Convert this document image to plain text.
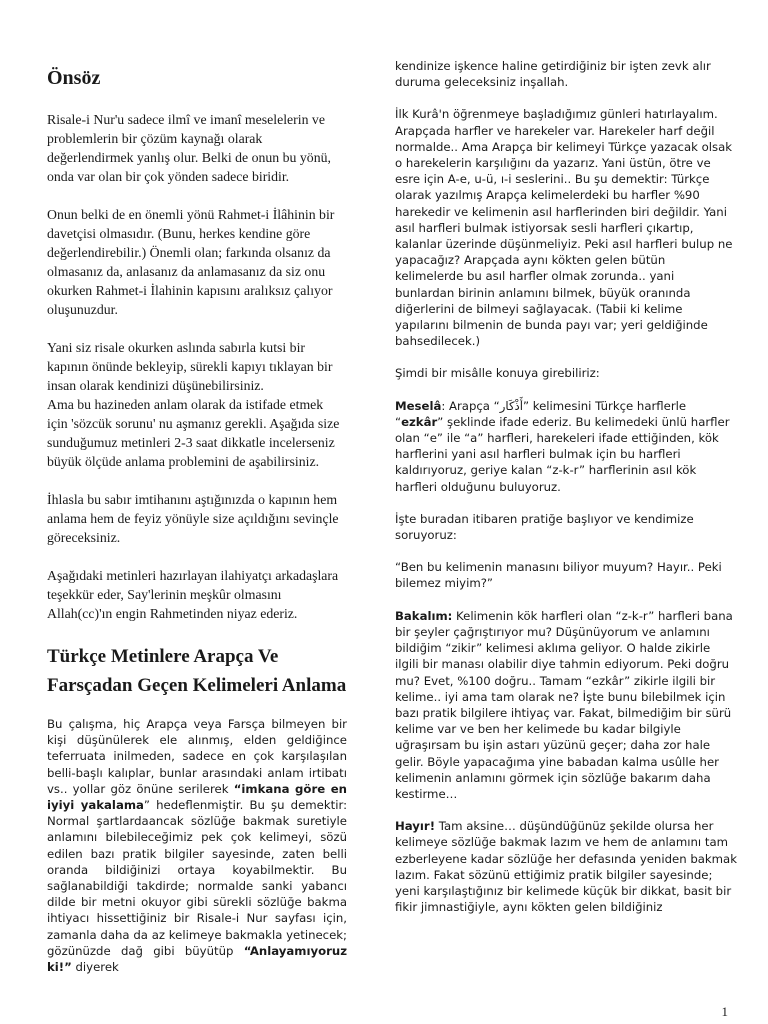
Önsöz

Risale-i Nur'u sadece ilmî ve imanî meselelerin ve problemlerin bir çözüm kaynağı olarak değerlendirmek yanlış olur. Belki de onun bu yönü, onda var olan bir çok yönden sadece biridir.

Onun belki de en önemli yönü Rahmet-i İlâhinin bir davetçisi olmasıdır. (Bunu, herkes kendine göre değerlendirebilir.) Önemli olan; farkında olsanız da olmasanız da, anlasanız da anlamasanız da siz onu okurken Rahmet-i İlahinin kapısını aralıksız çalıyor oluşunuzdur.

Yani siz risale okurken aslında sabırla kutsi bir kapının önünde bekleyip, sürekli kapıyı tıklayan bir insan olarak kendinizi düşünebilirsiniz.

Ama bu hazineden anlam olarak da istifade etmek için 'sözcük sorunu' nu aşmanız gerekli. Aşağıda size sunduğumuz metinleri 2-3 saat dikkatle incelerseniz büyük ölçüde anlama problemini de aşabilirsiniz.

İhlasla bu sabır imtihanını aştığınızda o kapının hem anlama hem de feyiz yönüyle size açıldığını sevinçle göreceksiniz.

Aşağıdaki metinleri hazırlayan ilahiyatçı arkadaşlara teşekkür eder, Say'lerinin meşkûr olmasını Allah(cc)'ın engin Rahmetinden niyaz ederiz.

Türkçe Metinlere Arapça Ve Farsçadan Geçen Kelimeleri Anlama

Bu çalışma, hiç Arapça veya Farsça bilmeyen bir kişi düşünülerek ele alınmış, elden geldiğince teferruata inilmeden, sadece en çok karşılaşılan belli-başlı kalıplar, bunlar arasındaki anlam irtibatı vs.. yollar göz önüne serilerek “imkana göre en iyiyi yakalama” hedeflenmiştir. Bu şu demektir: Normal şartlardaancak sözlüğe bakmak suretiyle anlamını bilebileceğimiz pek çok kelimeyi, sözü edilen bazı pratik bilgiler sayesinde, zaten belli oranda bildiğinizi ortaya koyabilmektir. Bu sağlanabildiği takdirde; normalde sanki yabancı dilde bir metni okuyor gibi sürekli sözlüğe bakma ihtiyacı hissettiğiniz bir Risale-i Nur sayfası için, zamanla daha da az kelimeye bakmakla yetinecek; gözünüzde dağ gibi büyütüp “Anlayamıyoruz ki!” diyerek

kendinize işkence haline getirdiğiniz bir işten zevk alır duruma geleceksiniz inşallah.

İlk Kurâ'n öğrenmeye başladığımız günleri hatırlayalım. Arapçada harfler ve harekeler var. Harekeler harf değil normalde.. Ama Arapça bir kelimeyi Türkçe yazacak olsak o harekelerin karşılığını da yazarız. Yani üstün, ötre ve esre için A-e, u-ü, ı-i seslerini.. Bu şu demektir: Türkçe olarak yazılmış Arapça kelimelerdeki bu harfler %90 harekedir ve kelimenin asıl harflerinden biri değildir. Yani asıl harfleri bulmak istiyorsak sesli harfleri çıkartıp, kalanlar üzerinde düşünmeliyiz. Peki asıl harfleri bulup ne yapacağız? Arapçada aynı kökten gelen bütün kelimelerde bu asıl harfler olmak zorunda.. yani bunlardan birinin anlamını bilmek, büyük oranında diğerlerini de bilmeyi sağlayacak. (Tabii ki kelime yapılarını bilmenin de bunda payı var; yeri geldiğinde bahsedilecek.)

Şimdi bir misâlle konuya girebiliriz:

Meselâ: Arapça “أَذْكَار” kelimesini Türkçe harflerle “ezkâr” şeklinde ifade ederiz. Bu kelimedeki ünlü harfler olan “e” ile “a” harfleri, harekeleri ifade ettiğinden, kök harflerini yani asıl harfleri bulmak için bu harfleri kaldırıyoruz, geriye kalan “z-k-r” harflerinin asıl kök harfleri olduğunu buluyoruz.

İşte buradan itibaren pratiğe başlıyor ve kendimize soruyoruz:

“Ben bu kelimenin manasını biliyor muyum? Hayır.. Peki bilemez miyim?”

Bakalım: Kelimenin kök harfleri olan “z-k-r” harfleri bana bir şeyler çağrıştırıyor mu? Düşünüyorum ve anlamını bildiğim “zikir” kelimesi aklıma geliyor. O halde zikirle ilgili bir manası olabilir diye tahmin ediyorum. Peki doğru mu? Evet, %100 doğru.. Tamam “ezkâr” zikirle ilgili bir kelime.. iyi ama tam olarak ne? İşte bunu bilebilmek için bazı pratik bilgilere ihtiyaç var. Fakat, bilmediğim bir sürü kelime var ve ben her kelimede bu kadar bilgiyle uğraşırsam bu işin astarı yüzünü geçer; daha zor hale gelir. Böyle yapacağıma yine babadan kalma usûlle her kelimenin anlamını görmek için sözlüğe bakarım daha kestirme…

Hayır! Tam aksine… düşündüğünüz şekilde olursa her kelimeye sözlüğe bakmak lazım ve hem de anlamını tam ezberleyene kadar sözlüğe her defasında yeniden bakmak lazım. Fakat sözünü ettiğimiz pratik bilgiler sayesinde; yeni karşılaştığınız bir kelimede küçük bir dikkat, basit bir fikir jimnastiğiyle, aynı kökten gelen bildiğiniz

1
